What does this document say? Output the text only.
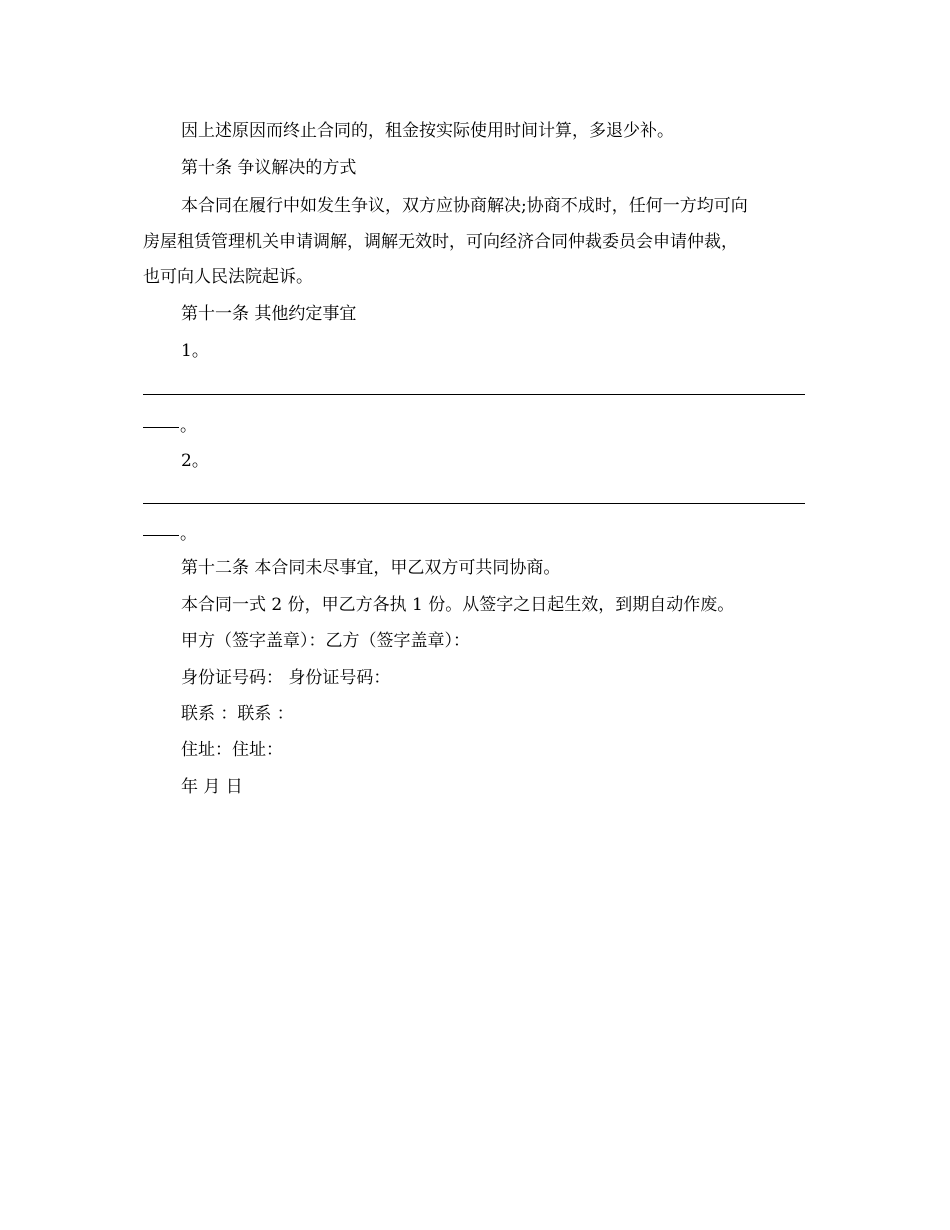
因上述原因而终止合同的，租金按实际使用时间计算，多退少补。
第十条 争议解决的方式
本合同在履行中如发生争议，双方应协商解决;协商不成时，任何一方均可向
房屋租赁管理机关申请调解，调解无效时，可向经济合同仲裁委员会申请仲裁，
也可向人民法院起诉。
第十一条 其他约定事宜
1。
。
2。
。
第十二条 本合同未尽事宜，甲乙双方可共同协商。
本合同一式 2 份，甲乙方各执 1 份。从签字之日起生效，到期自动作废。
甲方（签字盖章）：乙方（签字盖章）：
身份证号码： 身份证号码：
联系 ：联系 ：
住址：住址：
年 月 日
